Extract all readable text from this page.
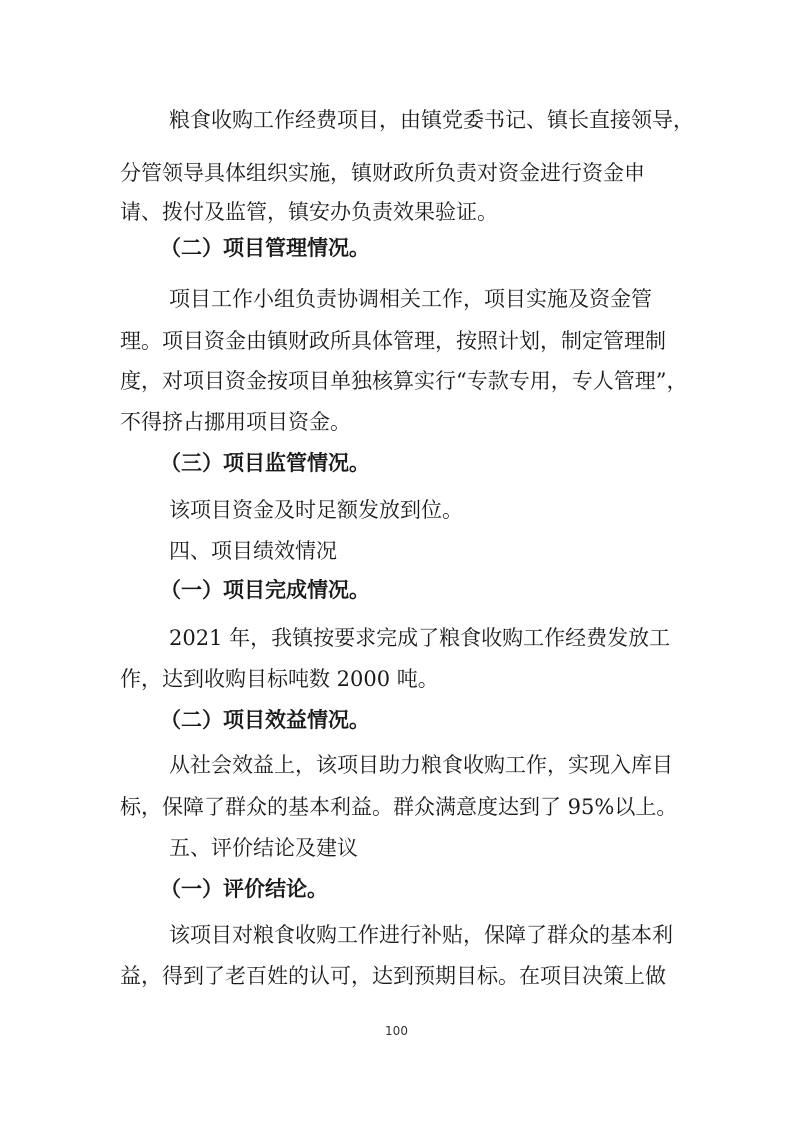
粮食收购工作经费项目，由镇党委书记、镇长直接领导，
分管领导具体组织实施，镇财政所负责对资金进行资金申
请、拨付及监管，镇安办负责效果验证。
（二）项目管理情况。
项目工作小组负责协调相关工作，项目实施及资金管
理。项目资金由镇财政所具体管理，按照计划，制定管理制
度，对项目资金按项目单独核算实行“专款专用，专人管理”，
不得挤占挪用项目资金。
（三）项目监管情况。
该项目资金及时足额发放到位。
四、项目绩效情况
（一）项目完成情况。
2021 年，我镇按要求完成了粮食收购工作经费发放工
作，达到收购目标吨数 2000 吨。
（二）项目效益情况。
从社会效益上，该项目助力粮食收购工作，实现入库目
标，保障了群众的基本利益。群众满意度达到了 95%以上。
五、评价结论及建议
（一）评价结论。
该项目对粮食收购工作进行补贴，保障了群众的基本利
益，得到了老百姓的认可，达到预期目标。在项目决策上做
100
